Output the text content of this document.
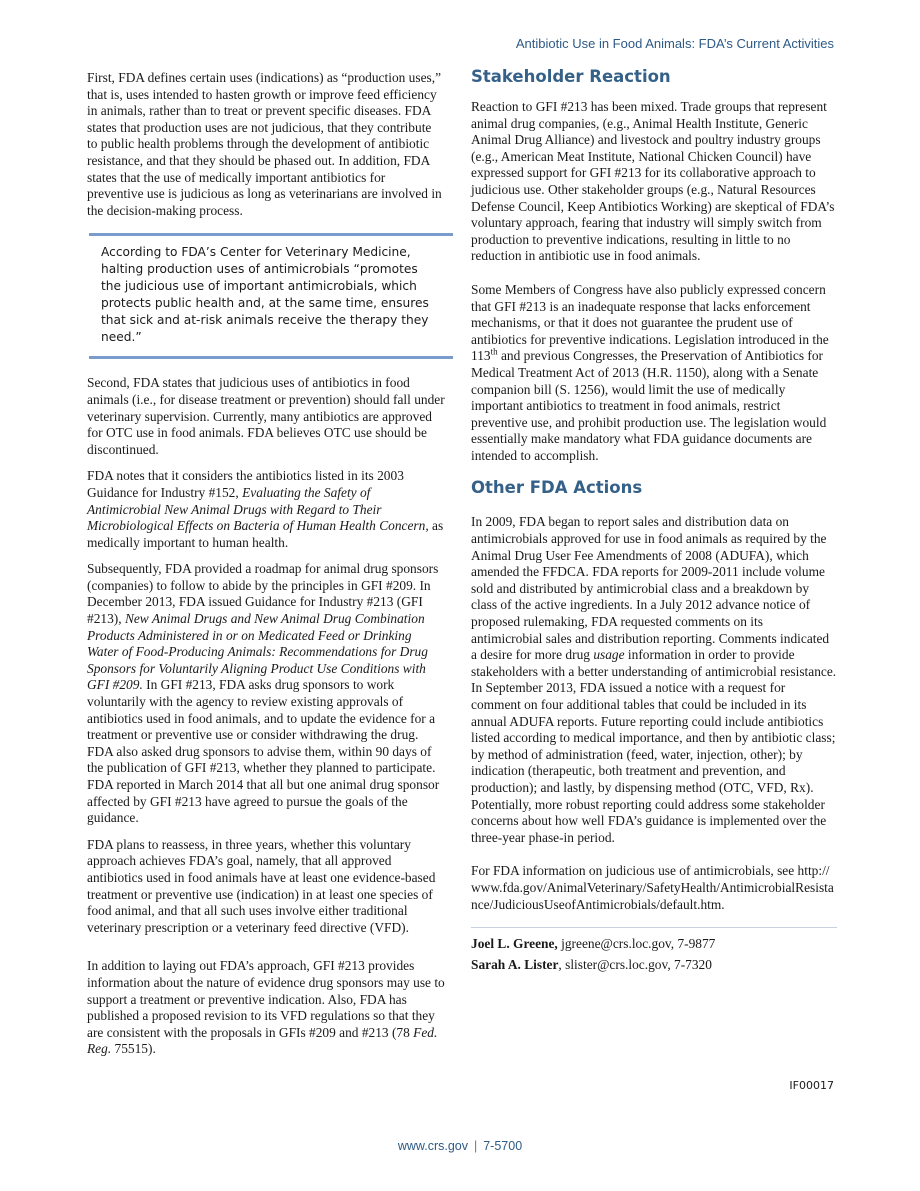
Antibiotic Use in Food Animals: FDA’s Current Activities

First, FDA defines certain uses (indications) as “production uses,” that is, uses intended to hasten growth or improve feed efficiency in animals, rather than to treat or prevent specific diseases. FDA states that production uses are not judicious, that they contribute to public health problems through the development of antibiotic resistance, and that they should be phased out. In addition, FDA states that the use of medically important antibiotics for preventive use is judicious as long as veterinarians are involved in the decision-making process.

According to FDA’s Center for Veterinary Medicine, halting production uses of antimicrobials “promotes the judicious use of important antimicrobials, which protects public health and, at the same time, ensures that sick and at-risk animals receive the therapy they need.”

Second, FDA states that judicious uses of antibiotics in food animals (i.e., for disease treatment or prevention) should fall under veterinary supervision. Currently, many antibiotics are approved for OTC use in food animals. FDA believes OTC use should be discontinued.

FDA notes that it considers the antibiotics listed in its 2003 Guidance for Industry #152, Evaluating the Safety of Antimicrobial New Animal Drugs with Regard to Their Microbiological Effects on Bacteria of Human Health Concern, as medically important to human health.

Subsequently, FDA provided a roadmap for animal drug sponsors (companies) to follow to abide by the principles in GFI #209. In December 2013, FDA issued Guidance for Industry #213 (GFI #213), New Animal Drugs and New Animal Drug Combination Products Administered in or on Medicated Feed or Drinking Water of Food-Producing Animals: Recommendations for Drug Sponsors for Voluntarily Aligning Product Use Conditions with GFI #209. In GFI #213, FDA asks drug sponsors to work voluntarily with the agency to review existing approvals of antibiotics used in food animals, and to update the evidence for a treatment or preventive use or consider withdrawing the drug. FDA also asked drug sponsors to advise them, within 90 days of the publication of GFI #213, whether they planned to participate. FDA reported in March 2014 that all but one animal drug sponsor affected by GFI #213 have agreed to pursue the goals of the guidance.

FDA plans to reassess, in three years, whether this voluntary approach achieves FDA’s goal, namely, that all approved antibiotics used in food animals have at least one evidence-based treatment or preventive use (indication) in at least one species of food animal, and that all such uses involve either traditional veterinary prescription or a veterinary feed directive (VFD).

In addition to laying out FDA’s approach, GFI #213 provides information about the nature of evidence drug sponsors may use to support a treatment or preventive indication. Also, FDA has published a proposed revision to its VFD regulations so that they are consistent with the proposals in GFIs #209 and #213 (78 Fed. Reg. 75515).

Stakeholder Reaction

Reaction to GFI #213 has been mixed. Trade groups that represent animal drug companies, (e.g., Animal Health Institute, Generic Animal Drug Alliance) and livestock and poultry industry groups (e.g., American Meat Institute, National Chicken Council) have expressed support for GFI #213 for its collaborative approach to judicious use. Other stakeholder groups (e.g., Natural Resources Defense Council, Keep Antibiotics Working) are skeptical of FDA’s voluntary approach, fearing that industry will simply switch from production to preventive indications, resulting in little to no reduction in antibiotic use in food animals.

Some Members of Congress have also publicly expressed concern that GFI #213 is an inadequate response that lacks enforcement mechanisms, or that it does not guarantee the prudent use of antibiotics for preventive indications. Legislation introduced in the 113th and previous Congresses, the Preservation of Antibiotics for Medical Treatment Act of 2013 (H.R. 1150), along with a Senate companion bill (S. 1256), would limit the use of medically important antibiotics to treatment in food animals, restrict preventive use, and prohibit production use. The legislation would essentially make mandatory what FDA guidance documents are intended to accomplish.

Other FDA Actions

In 2009, FDA began to report sales and distribution data on antimicrobials approved for use in food animals as required by the Animal Drug User Fee Amendments of 2008 (ADUFA), which amended the FFDCA. FDA reports for 2009-2011 include volume sold and distributed by antimicrobial class and a breakdown by class of the active ingredients. In a July 2012 advance notice of proposed rulemaking, FDA requested comments on its antimicrobial sales and distribution reporting. Comments indicated a desire for more drug usage information in order to provide stakeholders with a better understanding of antimicrobial resistance. In September 2013, FDA issued a notice with a request for comment on four additional tables that could be included in its annual ADUFA reports. Future reporting could include antibiotics listed according to medical importance, and then by antibiotic class; by method of administration (feed, water, injection, other); by indication (therapeutic, both treatment and prevention, and production); and lastly, by dispensing method (OTC, VFD, Rx). Potentially, more robust reporting could address some stakeholder concerns about how well FDA’s guidance is implemented over the three-year phase-in period.

For FDA information on judicious use of antimicrobials, see http://www.fda.gov/AnimalVeterinary/SafetyHealth/AntimicrobialResistance/JudiciousUseofAntimicrobials/default.htm.

Joel L. Greene, jgreene@crs.loc.gov, 7-9877

Sarah A. Lister, slister@crs.loc.gov, 7-7320

IF00017
www.crs.gov | 7-5700
